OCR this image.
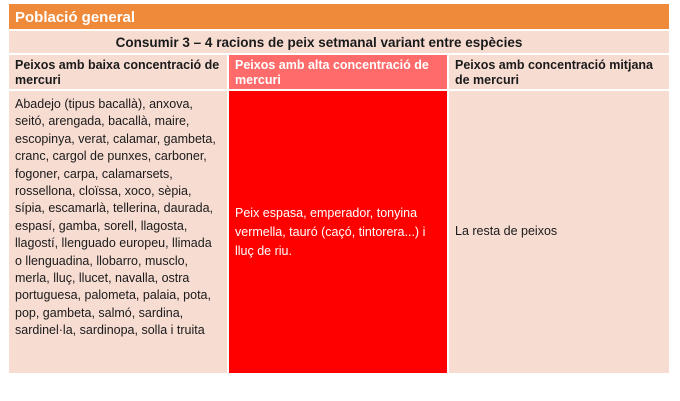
Població general
Consumir 3 – 4 racions de peix setmanal variant entre espècies
Peixos amb baixa concentració de mercuri
Peixos amb alta concentració de mercuri
Peixos amb concentració mitjana de mercuri
Abadejo (tipus bacallà), anxova, seitó, arengada, bacallà, maire, escopinya, verat, calamar, gambeta, cranc, cargol de punxes, carboner, fogoner, carpa, calamarsets, rossellona, cloïssa, xoco, sèpia, sípia, escamarlà, tellerina, daurada, espasí, gamba, sorell, llagosta, llagostí, llenguado europeu, llimada o llenguadina, llobarro, musclo, merla, lluç, llucet, navalla, ostra portuguesa, palometa, palaia, pota, pop, gambeta, salmó, sardina, sardinel·la, sardinopa, solla i truita
Peix espasa, emperador, tonyina vermella, tauró (caçó, tintorera...) i lluç de riu.
La resta de peixos
